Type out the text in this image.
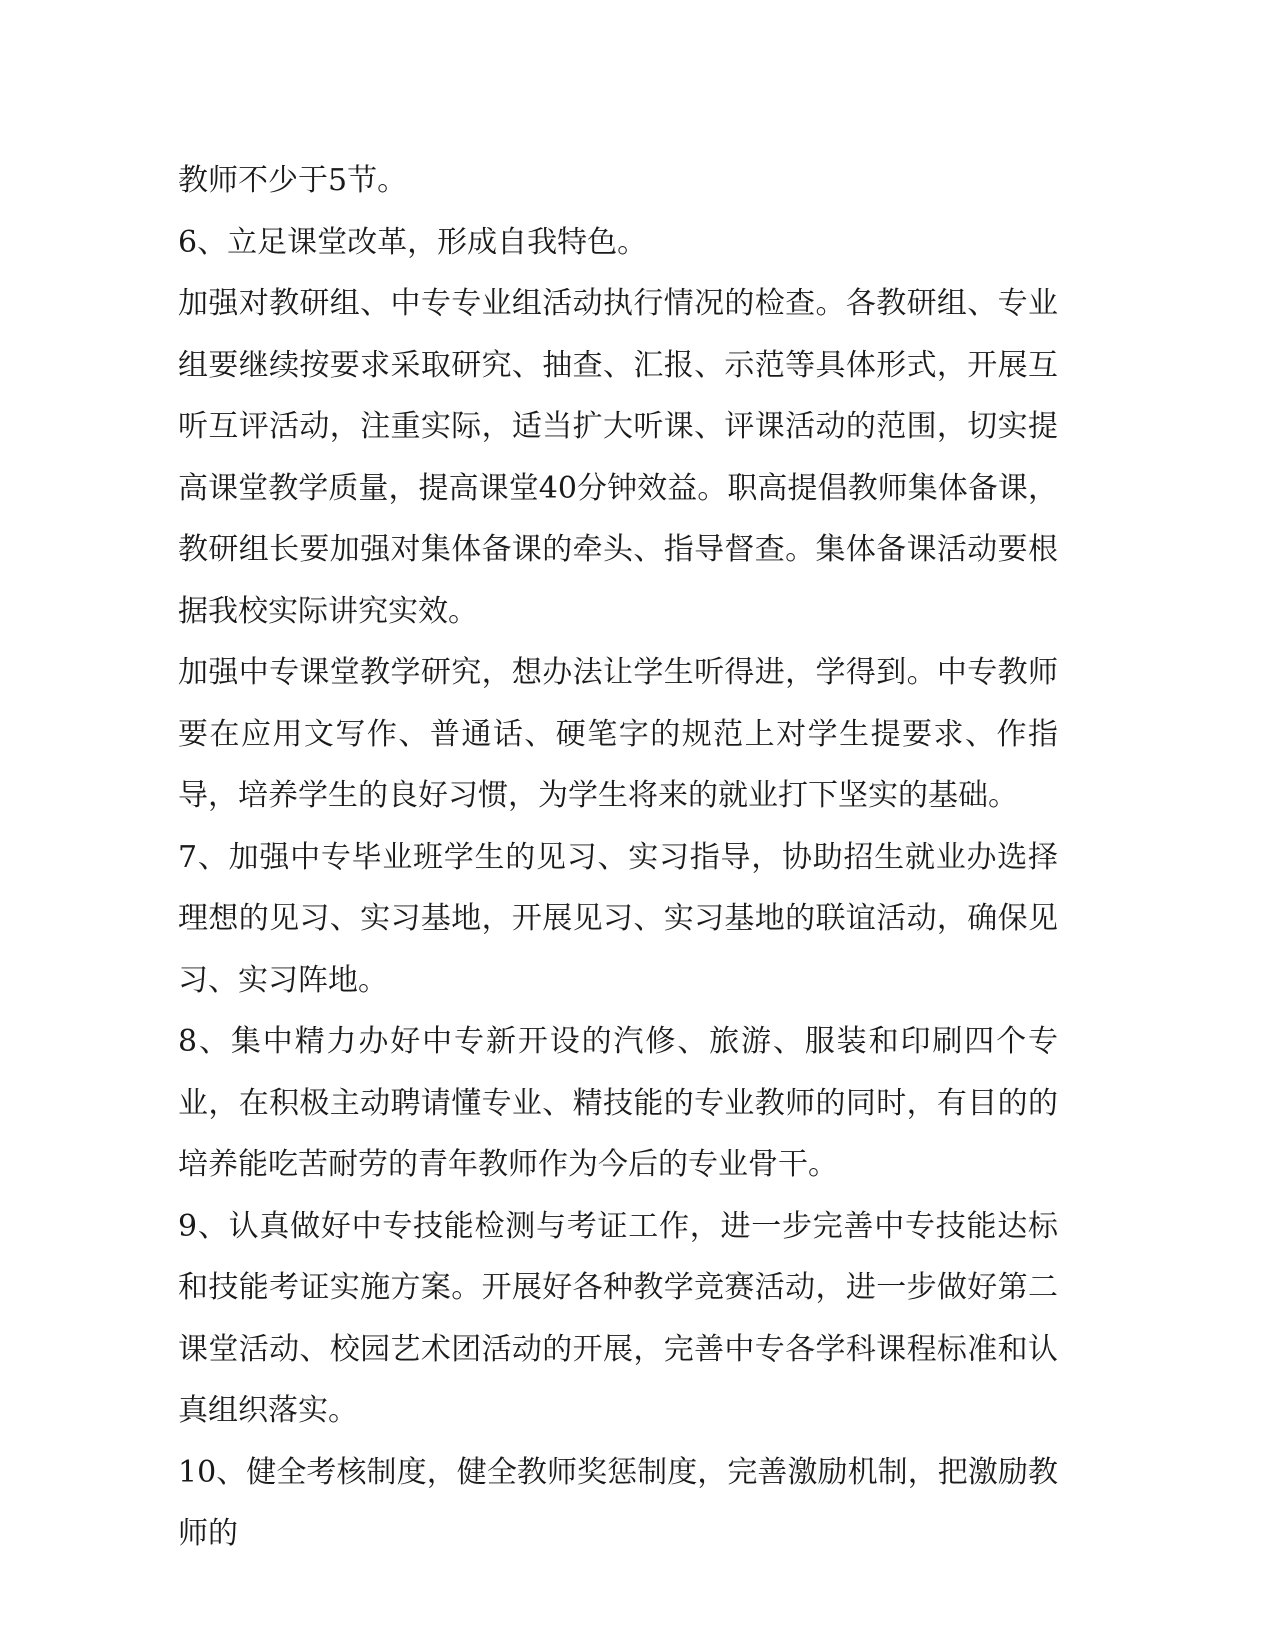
教师不少于5节。

6、立足课堂改革，形成自我特色。

加强对教研组、中专专业组活动执行情况的检查。各教研组、专业组要继续按要求采取研究、抽查、汇报、示范等具体形式，开展互听互评活动，注重实际，适当扩大听课、评课活动的范围，切实提高课堂教学质量，提高课堂40分钟效益。职高提倡教师集体备课，教研组长要加强对集体备课的牵头、指导督查。集体备课活动要根据我校实际讲究实效。

加强中专课堂教学研究，想办法让学生听得进，学得到。中专教师要在应用文写作、普通话、硬笔字的规范上对学生提要求、作指导，培养学生的良好习惯，为学生将来的就业打下坚实的基础。

7、加强中专毕业班学生的见习、实习指导，协助招生就业办选择理想的见习、实习基地，开展见习、实习基地的联谊活动，确保见习、实习阵地。

8、集中精力办好中专新开设的汽修、旅游、服装和印刷四个专业，在积极主动聘请懂专业、精技能的专业教师的同时，有目的的培养能吃苦耐劳的青年教师作为今后的专业骨干。

9、认真做好中专技能检测与考证工作，进一步完善中专技能达标和技能考证实施方案。开展好各种教学竞赛活动，进一步做好第二课堂活动、校园艺术团活动的开展，完善中专各学科课程标准和认真组织落实。

10、健全考核制度，健全教师奖惩制度，完善激励机制，把激励教师的
